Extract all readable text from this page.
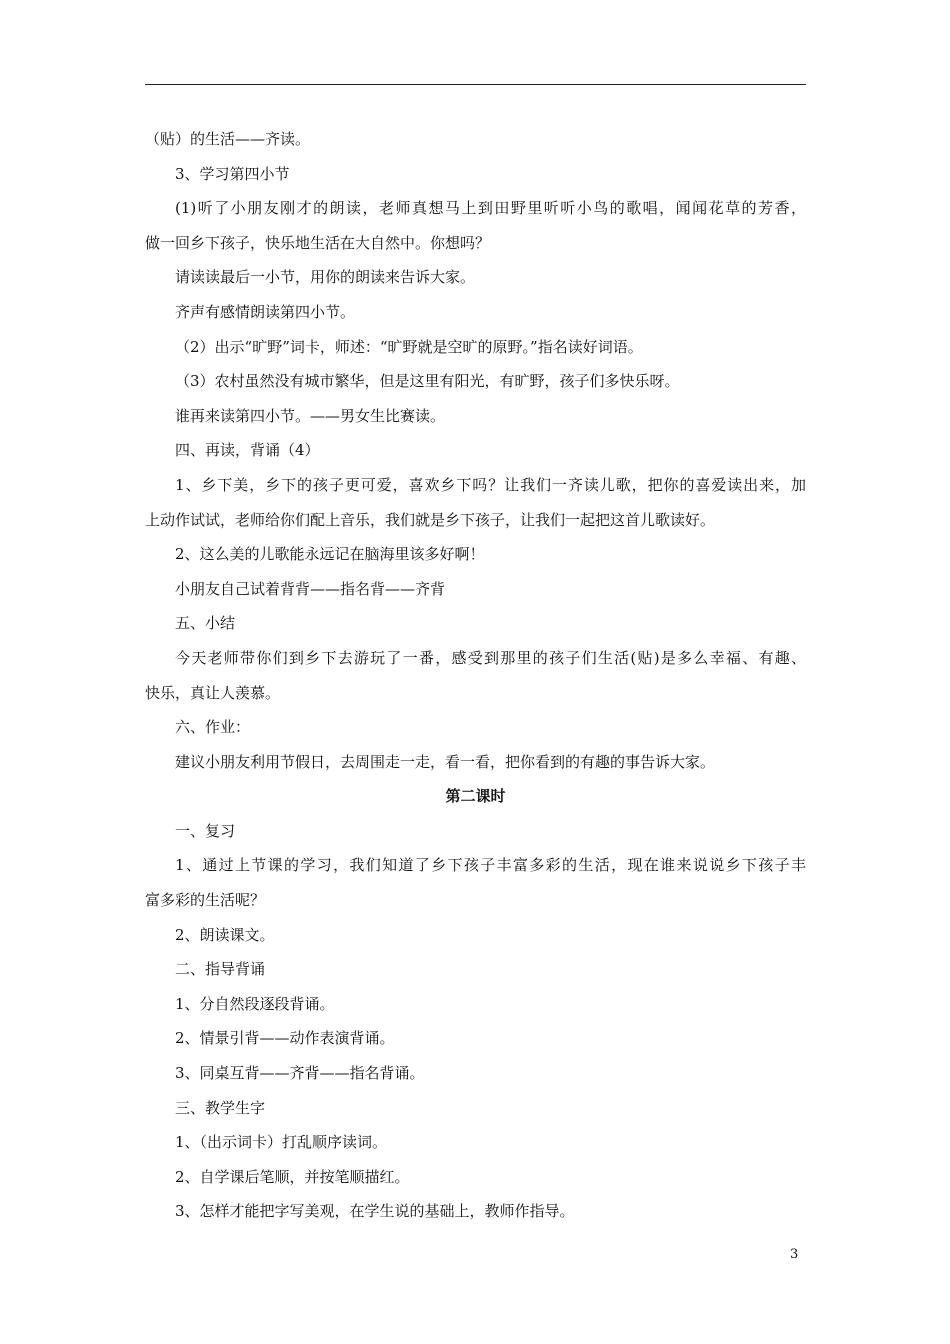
（贴）的生活——齐读。

3、学习第四小节

(1)听了小朋友刚才的朗读，老师真想马上到田野里听听小鸟的歌唱，闻闻花草的芳香，

做一回乡下孩子，快乐地生活在大自然中。你想吗？

请读读最后一小节，用你的朗读来告诉大家。

齐声有感情朗读第四小节。

（2）出示“旷野”词卡，师述：“旷野就是空旷的原野。”指名读好词语。

（3）农村虽然没有城市繁华，但是这里有阳光，有旷野，孩子们多快乐呀。

谁再来读第四小节。——男女生比赛读。

四、再读，背诵（4）

1、乡下美，乡下的孩子更可爱，喜欢乡下吗？让我们一齐读儿歌，把你的喜爱读出来，加

上动作试试，老师给你们配上音乐，我们就是乡下孩子，让我们一起把这首儿歌读好。

2、这么美的儿歌能永远记在脑海里该多好啊！

小朋友自己试着背背——指名背——齐背

五、小结

今天老师带你们到乡下去游玩了一番，感受到那里的孩子们生活(贴)是多么幸福、有趣、

快乐，真让人羡慕。

六、作业：

建议小朋友利用节假日，去周围走一走，看一看，把你看到的有趣的事告诉大家。

第二课时

一、复习

1、通过上节课的学习，我们知道了乡下孩子丰富多彩的生活，现在谁来说说乡下孩子丰

富多彩的生活呢？

2、朗读课文。

二、指导背诵

1、分自然段逐段背诵。

2、情景引背——动作表演背诵。

3、同桌互背——齐背——指名背诵。

三、教学生字

1、（出示词卡）打乱顺序读词。

2、自学课后笔顺，并按笔顺描红。

3、怎样才能把字写美观，在学生说的基础上，教师作指导。

3
